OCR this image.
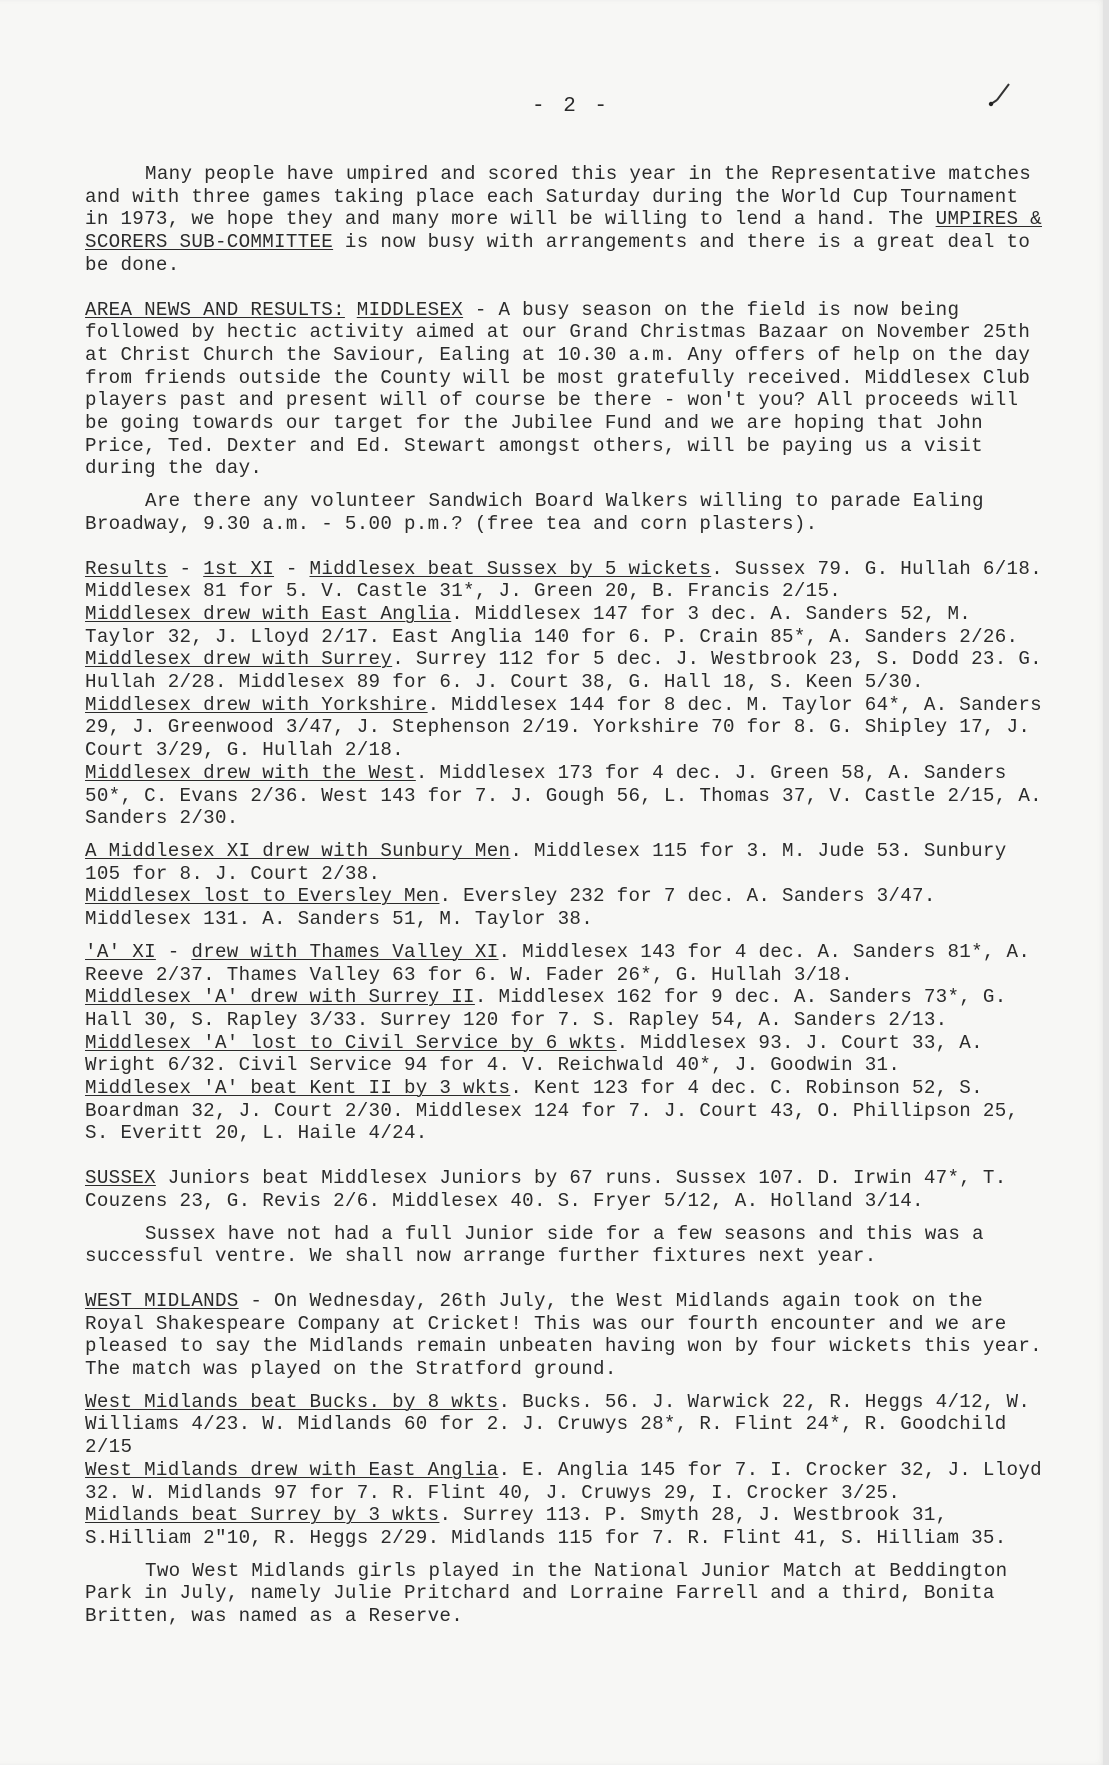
- 2 -

Many people have umpired and scored this year in the Representative matches and with three games taking place each Saturday during the World Cup Tournament in 1973, we hope they and many more will be willing to lend a hand. The UMPIRES & SCORERS SUB-COMMITTEE is now busy with arrangements and there is a great deal to be done.

AREA NEWS AND RESULTS: MIDDLESEX - A busy season on the field is now being followed by hectic activity aimed at our Grand Christmas Bazaar on November 25th at Christ Church the Saviour, Ealing at 10.30 a.m. Any offers of help on the day from friends outside the County will be most gratefully received. Middlesex Club players past and present will of course be there - won't you? All proceeds will be going towards our target for the Jubilee Fund and we are hoping that John Price, Ted. Dexter and Ed. Stewart amongst others, will be paying us a visit during the day.

Are there any volunteer Sandwich Board Walkers willing to parade Ealing Broadway, 9.30 a.m. - 5.00 p.m.? (free tea and corn plasters).

Results - 1st XI - Middlesex beat Sussex by 5 wickets. Sussex 79. G. Hullah 6/18. Middlesex 81 for 5. V. Castle 31*, J. Green 20, B. Francis 2/15.

Middlesex drew with East Anglia. Middlesex 147 for 3 dec. A. Sanders 52, M. Taylor 32, J. Lloyd 2/17. East Anglia 140 for 6. P. Crain 85*, A. Sanders 2/26.

Middlesex drew with Surrey. Surrey 112 for 5 dec. J. Westbrook 23, S. Dodd 23. G. Hullah 2/28. Middlesex 89 for 6. J. Court 38, G. Hall 18, S. Keen 5/30.

Middlesex drew with Yorkshire. Middlesex 144 for 8 dec. M. Taylor 64*, A. Sanders 29, J. Greenwood 3/47, J. Stephenson 2/19. Yorkshire 70 for 8. G. Shipley 17, J. Court 3/29, G. Hullah 2/18.

Middlesex drew with the West. Middlesex 173 for 4 dec. J. Green 58, A. Sanders 50*, C. Evans 2/36. West 143 for 7. J. Gough 56, L. Thomas 37, V. Castle 2/15, A. Sanders 2/30.

A Middlesex XI drew with Sunbury Men. Middlesex 115 for 3. M. Jude 53. Sunbury 105 for 8. J. Court 2/38.

Middlesex lost to Eversley Men. Eversley 232 for 7 dec. A. Sanders 3/47. Middlesex 131. A. Sanders 51, M. Taylor 38.

'A' XI - drew with Thames Valley XI. Middlesex 143 for 4 dec. A. Sanders 81*, A. Reeve 2/37. Thames Valley 63 for 6. W. Fader 26*, G. Hullah 3/18.

Middlesex 'A' drew with Surrey II. Middlesex 162 for 9 dec. A. Sanders 73*, G. Hall 30, S. Rapley 3/33. Surrey 120 for 7. S. Rapley 54, A. Sanders 2/13.

Middlesex 'A' lost to Civil Service by 6 wkts. Middlesex 93. J. Court 33, A. Wright 6/32. Civil Service 94 for 4. V. Reichwald 40*, J. Goodwin 31.

Middlesex 'A' beat Kent II by 3 wkts. Kent 123 for 4 dec. C. Robinson 52, S. Boardman 32, J. Court 2/30. Middlesex 124 for 7. J. Court 43, O. Phillipson 25, S. Everitt 20, L. Haile 4/24.

SUSSEX Juniors beat Middlesex Juniors by 67 runs. Sussex 107. D. Irwin 47*, T. Couzens 23, G. Revis 2/6. Middlesex 40. S. Fryer 5/12, A. Holland 3/14.

Sussex have not had a full Junior side for a few seasons and this was a successful ventre. We shall now arrange further fixtures next year.

WEST MIDLANDS - On Wednesday, 26th July, the West Midlands again took on the Royal Shakespeare Company at Cricket! This was our fourth encounter and we are pleased to say the Midlands remain unbeaten having won by four wickets this year. The match was played on the Stratford ground.

West Midlands beat Bucks. by 8 wkts. Bucks. 56. J. Warwick 22, R. Heggs 4/12, W. Williams 4/23. W. Midlands 60 for 2. J. Cruwys 28*, R. Flint 24*, R. Goodchild 2/15

West Midlands drew with East Anglia. E. Anglia 145 for 7. I. Crocker 32, J. Lloyd 32. W. Midlands 97 for 7. R. Flint 40, J. Cruwys 29, I. Crocker 3/25.

Midlands beat Surrey by 3 wkts. Surrey 113. P. Smyth 28, J. Westbrook 31, S.Hilliam 2"10, R. Heggs 2/29. Midlands 115 for 7. R. Flint 41, S. Hilliam 35.

Two West Midlands girls played in the National Junior Match at Beddington Park in July, namely Julie Pritchard and Lorraine Farrell and a third, Bonita Britten, was named as a Reserve.
